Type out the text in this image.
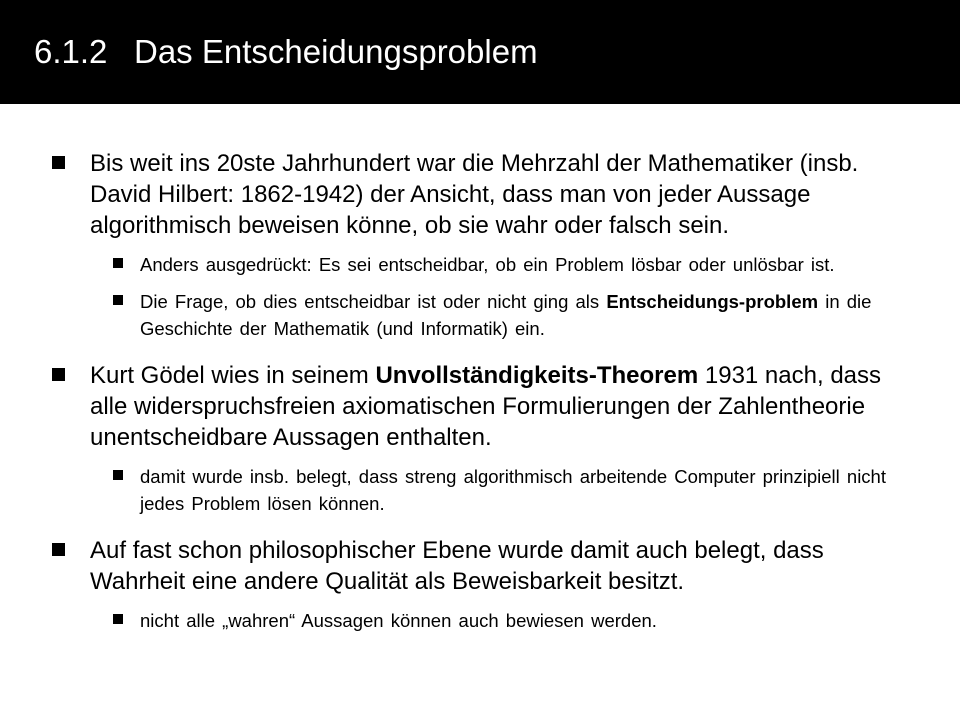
6.1.2 Das Entscheidungsproblem
Bis weit ins 20ste Jahrhundert war die Mehrzahl der Mathematiker (insb. David Hilbert: 1862-1942) der Ansicht, dass man von jeder Aussage algorithmisch beweisen könne, ob sie wahr oder falsch sein.
Anders ausgedrückt: Es sei entscheidbar, ob ein Problem lösbar oder unlösbar ist.
Die Frage, ob dies entscheidbar ist oder nicht ging als Entscheidungs-problem in die Geschichte der Mathematik (und Informatik) ein.
Kurt Gödel wies in seinem Unvollständigkeits-Theorem 1931 nach, dass alle widerspruchsfreien axiomatischen Formulierungen der Zahlentheorie unentscheidbare Aussagen enthalten.
damit wurde insb. belegt, dass streng algorithmisch arbeitende Computer prinzipiell nicht jedes Problem lösen können.
Auf fast schon philosophischer Ebene wurde damit auch belegt, dass Wahrheit eine andere Qualität als Beweisbarkeit besitzt.
nicht alle „wahren“ Aussagen können auch bewiesen werden.
